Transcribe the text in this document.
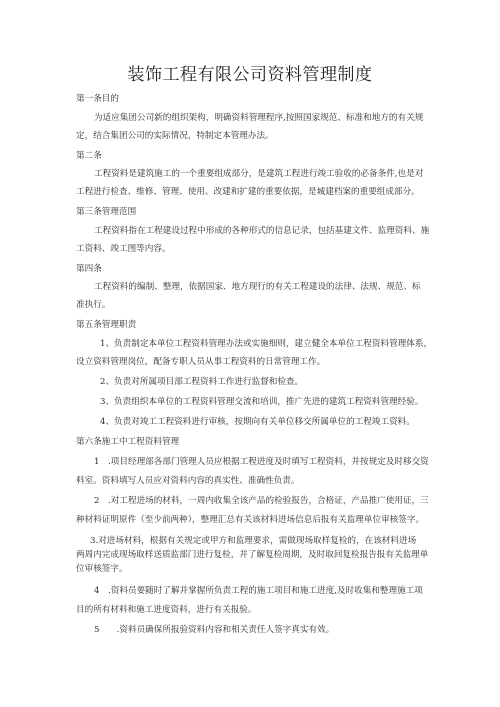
装饰工程有限公司资料管理制度
第一条目的
为适应集团公司新的组织架构，明确资料管理程序,按照国家规范、标准和地方的有关规
定，结合集团公司的实际情况，特制定本管理办法。
第二条
工程资料是建筑施工的一个重要组成部分，是建筑工程进行竣工验收的必备条件,也是对
工程进行检查、维修、管理、使用、改建和扩建的重要依据，是城建档案的重要组成部分。
第三条管理范围
工程资料指在工程建设过程中形成的各种形式的信息记录，包括基建文件、监理资料、施
工资料、竣工图等内容。
第四条
工程资料的编制、整理，依据国家、地方现行的有关工程建设的法律、法规、规范、标
准执行。
第五条管理职责
1、负责制定本单位工程资料管理办法或实施细则，建立健全本单位工程资料管理体系，
设立资料管理岗位，配备专职人员从事工程资料的日常管理工作。
2、负责对所属项目部工程资料工作进行监督和检查。
3、负责组织本单位的工程资料管理交流和培训，推广先进的建筑工程资料管理经验。
4、负责对竣工工程资料进行审核，按期向有关单位移交所属单位的工程竣工资料。
第六条施工中工程资料管理
1　.项目经理部各部门管理人员应根据工程进度及时填写工程资料，并按规定及时移交资
料室。资料填写人员应对资料内容的真实性、准确性负责。
2　.对工程进场的材料，一周内收集全该产品的检验报告，合格证，产品推广使用证，三
种材料证明原件（至少前两种），整理汇总有关该材料进场信息后报有关监理单位审核签字。
3.对进场材料，根据有关规定或甲方和监理要求，需做现场取样复检的，在该材料进场
两周内完成现场取样送质监部门进行复检，并了解复检周期，及时取回复检报告报有关监理单
位审核签字。
4　.资料员要随时了解并掌握所负责工程的施工项目和施工进度,及时收集和整理施工项
目的所有材料和施工进度资料，进行有关报验。
5　　.资料员确保所报验资料内容和相关责任人签字真实有效。
